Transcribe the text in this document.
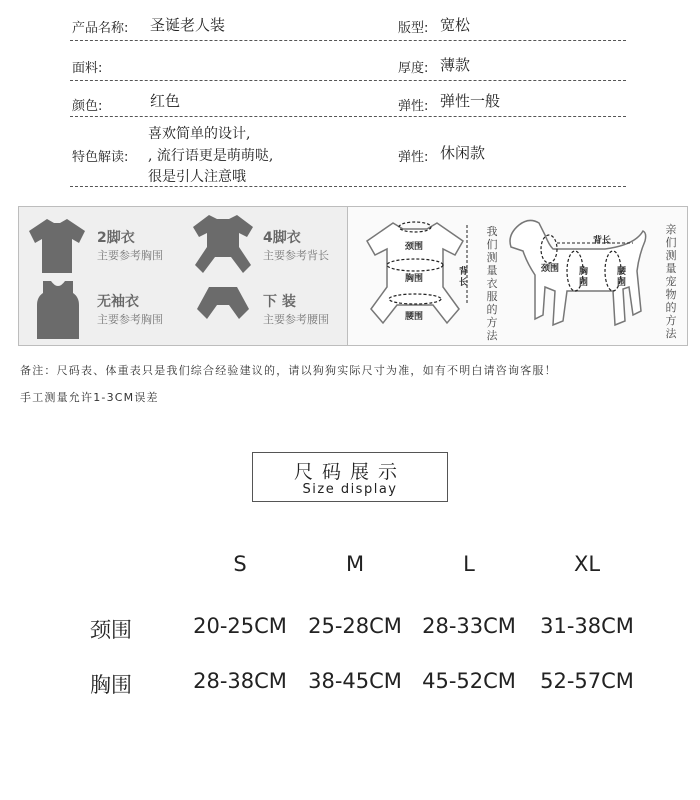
产品名称: 圣诞老人装	版型: 宽松
面料:	厚度: 薄款
颜色:	红色	弹性: 弹性一般
特色解读:
喜欢简单的设计,
, 流行语更是萌萌哒,
很是引人注意哦
弹性: 休闲款
2脚衣
主要参考胸围
4脚衣
主要参考背长
无袖衣
主要参考胸围
下 装
主要参考腰围
颈围
胸围
腰围
背长
我们测量衣服的方法
颈围
背长
胸围
腰围
亲们测量宠物的方法
备注：尺码表、体重表只是我们综合经验建议的，请以狗狗实际尺寸为准，如有不明白请咨询客服！
手工测量允许1-3CM误差
尺码展示
Size display
S	M	L	XL
颈围	20-25CM	25-28CM 28-33CM	31-38CM
胸围	28-38CM	38-45CM 45-52CM	52-57CM
